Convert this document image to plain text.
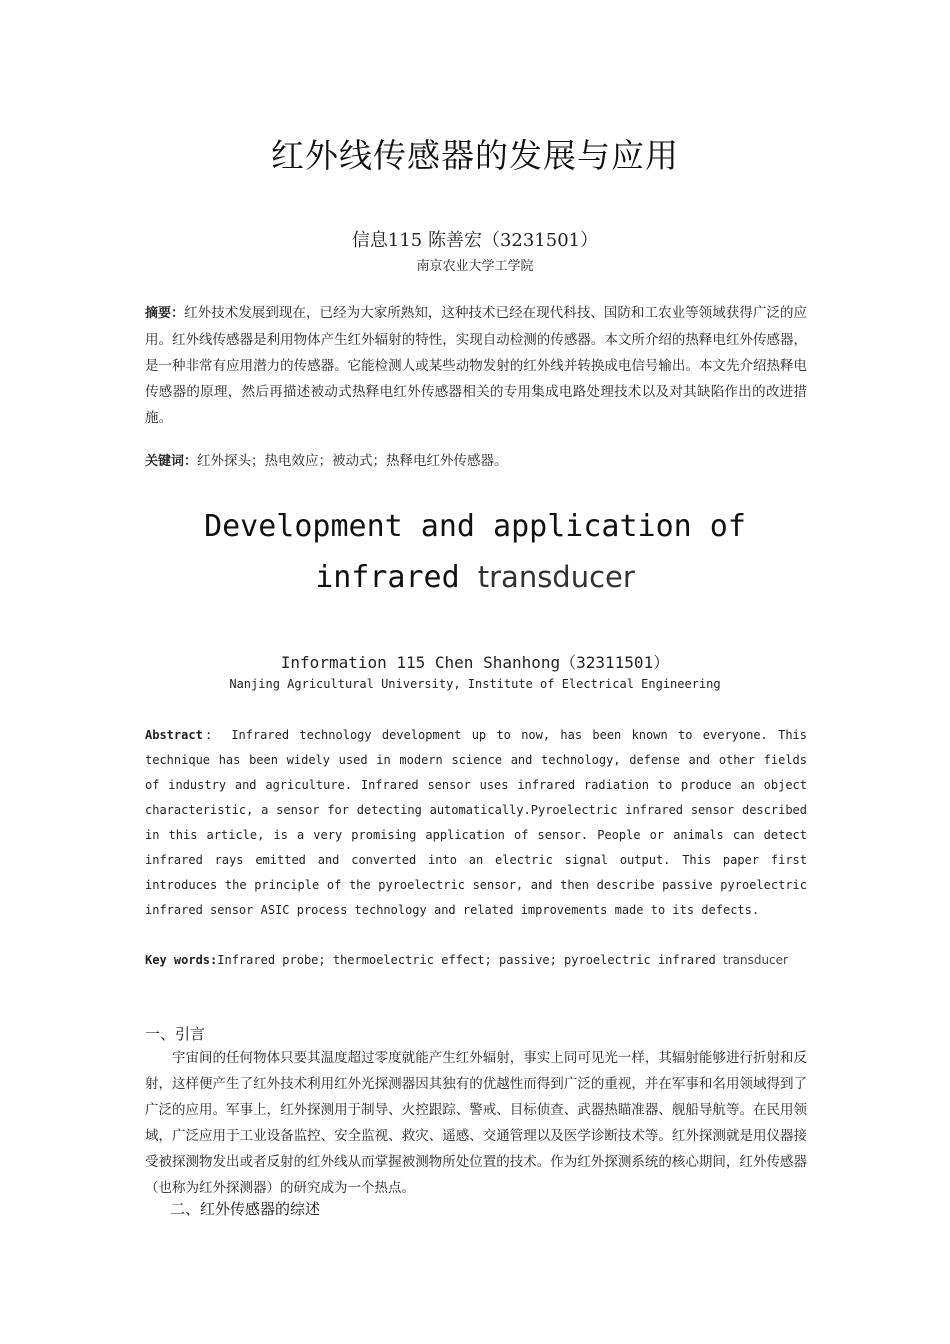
红外线传感器的发展与应用
信息115 陈善宏（3231501）
南京农业大学工学院
摘要：红外技术发展到现在，已经为大家所熟知，这种技术已经在现代科技、国防和工农业等领域获得广泛的应用。红外线传感器是利用物体产生红外辐射的特性，实现自动检测的传感器。本文所介绍的热释电红外传感器，是一种非常有应用潜力的传感器。它能检测人或某些动物发射的红外线并转换成电信号输出。本文先介绍热释电传感器的原理，然后再描述被动式热释电红外传感器相关的专用集成电路处理技术以及对其缺陷作出的改进措施。
关键词：红外探头；热电效应；被动式；热释电红外传感器。
Development and application of
infrared transducer
Information 115 Chen Shanhong（32311501）
Nanjing Agricultural University, Institute of Electrical Engineering
Abstract： Infrared technology development up to now, has been known to everyone. This technique has been widely used in modern science and technology, defense and other fields of industry and agriculture. Infrared sensor uses infrared radiation to produce an object characteristic, a sensor for detecting automatically.Pyroelectric infrared sensor described in this article, is a very promising application of sensor. People or animals can detect infrared rays emitted and converted into an electric signal output. This paper first introduces the principle of the pyroelectric sensor, and then describe passive pyroelectric infrared sensor ASIC process technology and related improvements made to its defects.
Key words:Infrared probe; thermoelectric effect; passive; pyroelectric infrared transducer
一、引言
宇宙间的任何物体只要其温度超过零度就能产生红外辐射，事实上同可见光一样，其辐射能够进行折射和反射，这样便产生了红外技术利用红外光探测器因其独有的优越性而得到广泛的重视，并在军事和名用领域得到了广泛的应用。军事上，红外探测用于制导、火控跟踪、警戒、目标侦查、武器热瞄准器、舰船导航等。在民用领域，广泛应用于工业设备监控、安全监视、救灾、遥感、交通管理以及医学诊断技术等。红外探测就是用仪器接受被探测物发出或者反射的红外线从而掌握被测物所处位置的技术。作为红外探测系统的核心期间，红外传感器（也称为红外探测器）的研究成为一个热点。
二、红外传感器的综述
